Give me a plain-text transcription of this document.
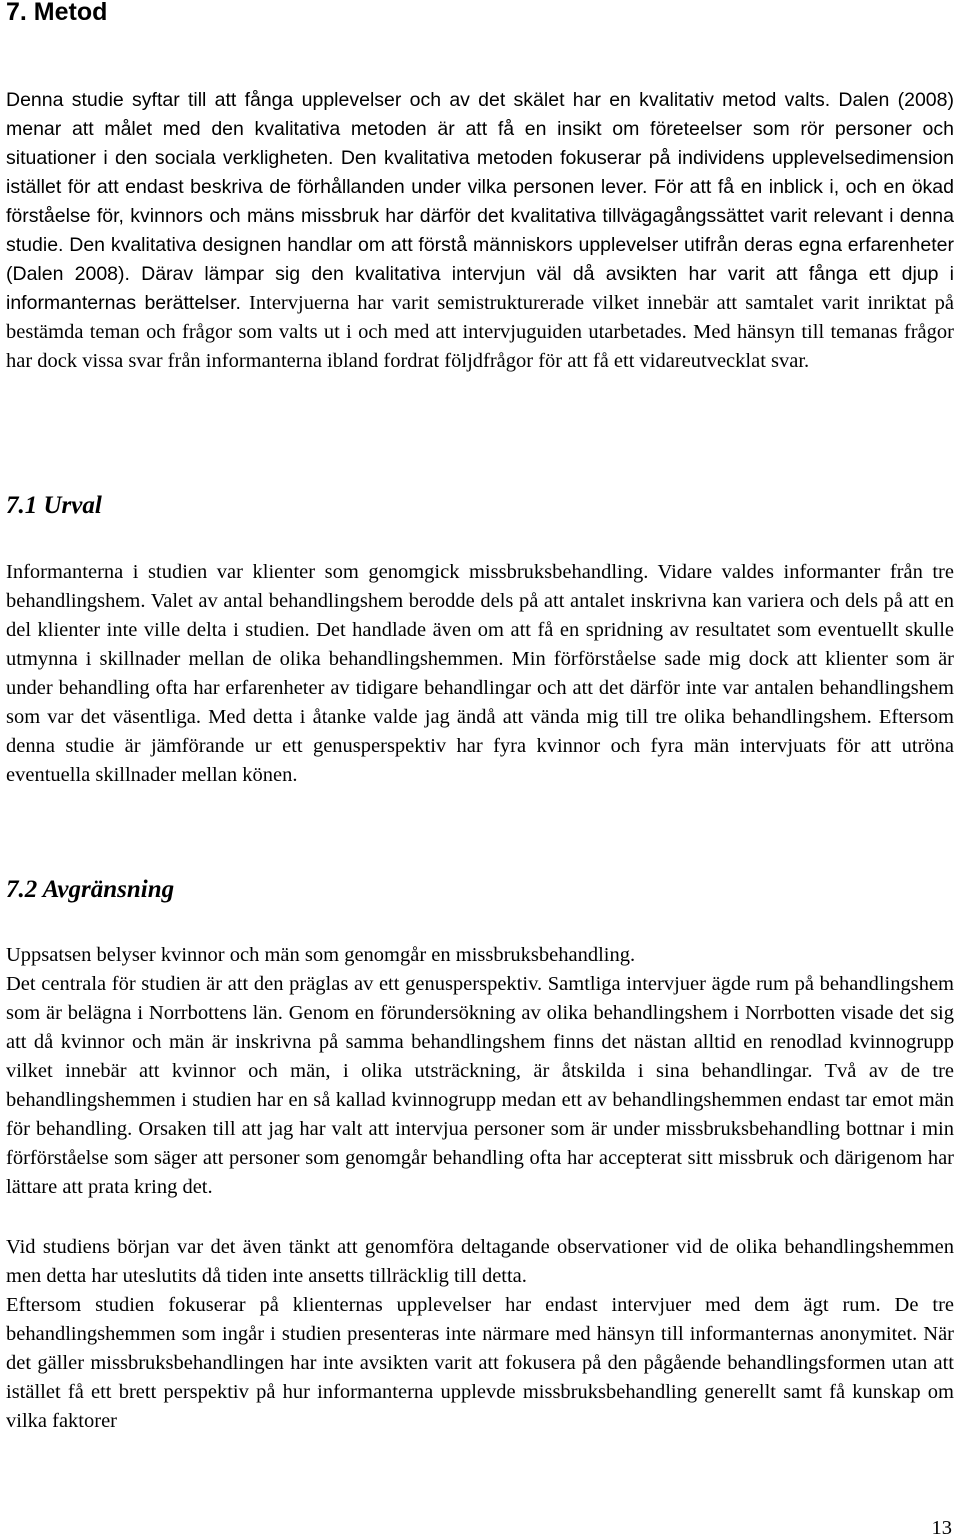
7. Metod

Denna studie syftar till att fånga upplevelser och av det skälet har en kvalitativ metod valts. Dalen (2008) menar att målet med den kvalitativa metoden är att få en insikt om företeelser som rör personer och situationer i den sociala verkligheten. Den kvalitativa metoden fokuserar på individens upplevelsedimension istället för att endast beskriva de förhållanden under vilka personen lever. För att få en inblick i, och en ökad förståelse för, kvinnors och mäns missbruk har därför det kvalitativa tillvägagångssättet varit relevant i denna studie. Den kvalitativa designen handlar om att förstå människors upplevelser utifrån deras egna erfarenheter (Dalen 2008). Därav lämpar sig den kvalitativa intervjun väl då avsikten har varit att fånga ett djup i informanternas berättelser. Intervjuerna har varit semistrukturerade vilket innebär att samtalet varit inriktat på bestämda teman och frågor som valts ut i och med att intervjuguiden utarbetades. Med hänsyn till temanas frågor har dock vissa svar från informanterna ibland fordrat följdfrågor för att få ett vidareutvecklat svar.

7.1 Urval

Informanterna i studien var klienter som genomgick missbruksbehandling. Vidare valdes informanter från tre behandlingshem. Valet av antal behandlingshem berodde dels på att antalet inskrivna kan variera och dels på att en del klienter inte ville delta i studien. Det handlade även om att få en spridning av resultatet som eventuellt skulle utmynna i skillnader mellan de olika behandlingshemmen. Min förförståelse sade mig dock att klienter som är under behandling ofta har erfarenheter av tidigare behandlingar och att det därför inte var antalen behandlingshem som var det väsentliga. Med detta i åtanke valde jag ändå att vända mig till tre olika behandlingshem. Eftersom denna studie är jämförande ur ett genusperspektiv har fyra kvinnor och fyra män intervjuats för att utröna eventuella skillnader mellan könen.

7.2 Avgränsning

Uppsatsen belyser kvinnor och män som genomgår en missbruksbehandling.

Det centrala för studien är att den präglas av ett genusperspektiv. Samtliga intervjuer ägde rum på behandlingshem som är belägna i Norrbottens län. Genom en förundersökning av olika behandlingshem i Norrbotten visade det sig att då kvinnor och män är inskrivna på samma behandlingshem finns det nästan alltid en renodlad kvinnogrupp vilket innebär att kvinnor och män, i olika utsträckning, är åtskilda i sina behandlingar. Två av de tre behandlingshemmen i studien har en så kallad kvinnogrupp medan ett av behandlingshemmen endast tar emot män för behandling. Orsaken till att jag har valt att intervjua personer som är under missbruksbehandling bottnar i min förförståelse som säger att personer som genomgår behandling ofta har accepterat sitt missbruk och därigenom har lättare att prata kring det.

Vid studiens början var det även tänkt att genomföra deltagande observationer vid de olika behandlingshemmen men detta har uteslutits då tiden inte ansetts tillräcklig till detta.

Eftersom studien fokuserar på klienternas upplevelser har endast intervjuer med dem ägt rum. De tre behandlingshemmen som ingår i studien presenteras inte närmare med hänsyn till informanternas anonymitet. När det gäller missbruksbehandlingen har inte avsikten varit att fokusera på den pågående behandlingsformen utan att istället få ett brett perspektiv på hur informanterna upplevde missbruksbehandling generellt samt få kunskap om vilka faktorer

13
